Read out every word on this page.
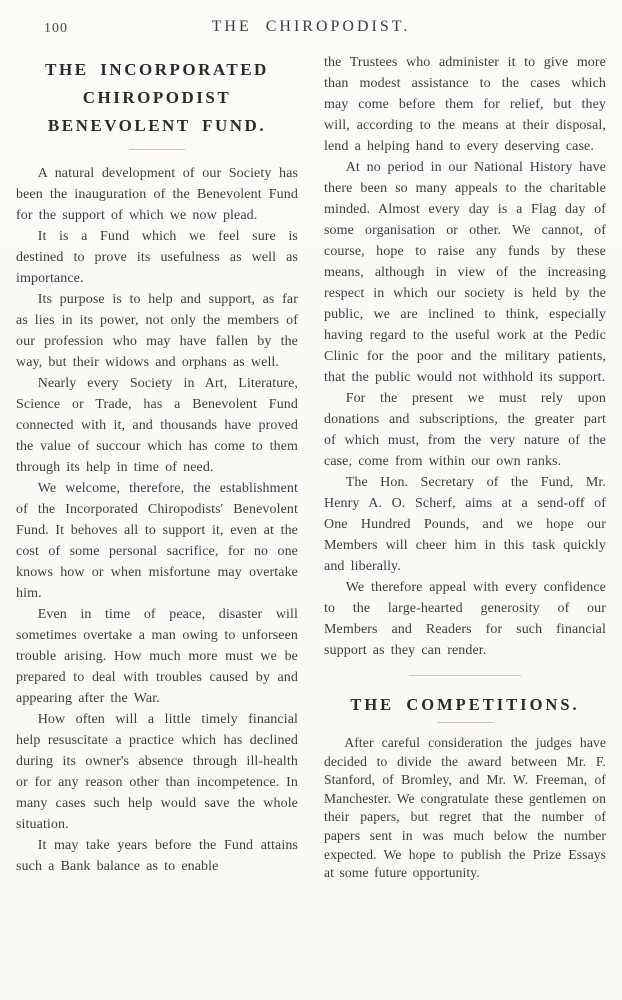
100	THE CHIROPODIST.
THE INCORPORATED
CHIROPODIST
BENEVOLENT FUND.

A natural development of our Society has been the inauguration of the Benevolent Fund for the support of which we now plead.

It is a Fund which we feel sure is destined to prove its usefulness as well as importance.

Its purpose is to help and support, as far as lies in its power, not only the members of our profession who may have fallen by the way, but their widows and orphans as well.

Nearly every Society in Art, Literature, Science or Trade, has a Benevolent Fund connected with it, and thousands have proved the value of succour which has come to them through its help in time of need.

We welcome, therefore, the establishment of the Incorporated Chiropodists' Benevolent Fund. It behoves all to support it, even at the cost of some personal sacrifice, for no one knows how or when misfortune may overtake him.

Even in time of peace, disaster will sometimes overtake a man owing to unforseen trouble arising. How much more must we be prepared to deal with troubles caused by and appearing after the War.

How often will a little timely financial help resuscitate a practice which has declined during its owner's absence through ill-health or for any reason other than incompetence. In many cases such help would save the whole situation.

It may take years before the Fund attains such a Bank balance as to enable

the Trustees who administer it to give more than modest assistance to the cases which may come before them for relief, but they will, according to the means at their disposal, lend a helping hand to every deserving case.

At no period in our National History have there been so many appeals to the charitable minded. Almost every day is a Flag day of some organisation or other. We cannot, of course, hope to raise any funds by these means, although in view of the increasing respect in which our society is held by the public, we are inclined to think, especially having regard to the useful work at the Pedic Clinic for the poor and the military patients, that the public would not withhold its support.

For the present we must rely upon donations and subscriptions, the greater part of which must, from the very nature of the case, come from within our own ranks.

The Hon. Secretary of the Fund, Mr. Henry A. O. Scherf, aims at a send-off of One Hundred Pounds, and we hope our Members will cheer him in this task quickly and liberally.

We therefore appeal with every confidence to the large-hearted generosity of our Members and Readers for such financial support as they can render.

THE COMPETITIONS.

After careful consideration the judges have decided to divide the award between Mr. F. Stanford, of Bromley, and Mr. W. Freeman, of Manchester. We congratulate these gentlemen on their papers, but regret that the number of papers sent in was much below the number expected. We hope to publish the Prize Essays at some future opportunity.
